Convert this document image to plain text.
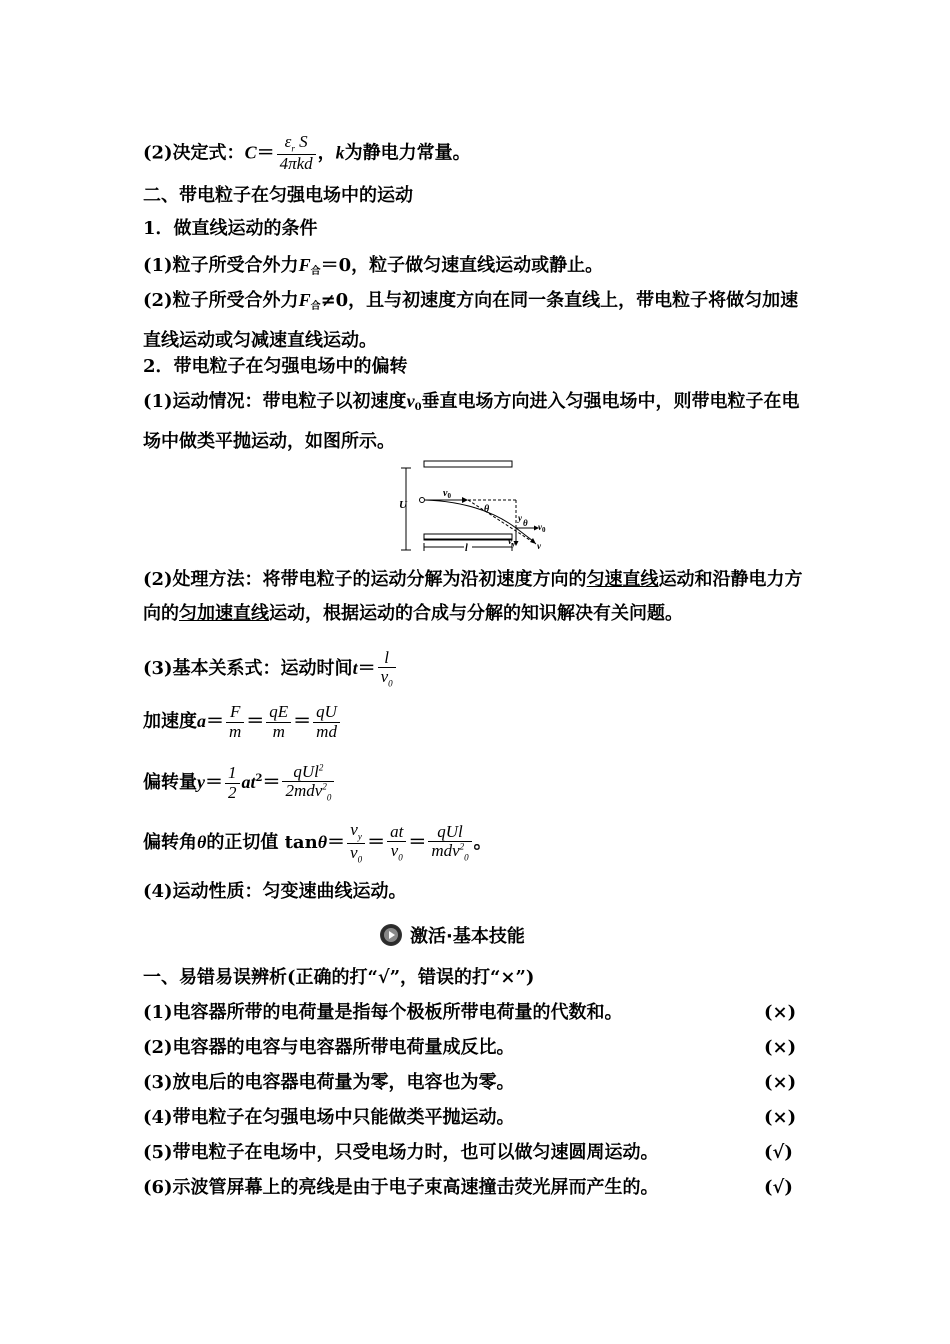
(2)决定式：$C= \frac{\varepsilon_r S}{\text{4πkd}}$ ，k为静电力常量。
二、带电粒子在匀强电场中的运动
1．做直线运动的条件
(1)粒子所受合外力$F_合=0$，粒子做匀速直线运动或静止。
(2)粒子所受合外力$F_合\ne 0$，且与初速度方向在同一条直线上，带电粒子将做匀加速直线运动或匀减速直线运动。
2．带电粒子在匀强电场中的偏转
(1)运动情况：带电粒子以初速度$v_0$垂直电场方向进入匀强电场中，则带电粒子在电场中做类平抛运动，如图所示。
U
$v_0$
θ
y
$v_0$
θ
$v_y$ v
l
(2)处理方法：将带电粒子的运动分解为沿初速度方向的匀速直线运动和沿静电力方向的匀加速直线运动，根据运动的合成与分解的知识解决有关问题。
(3)基本关系式：运动时间$t= \frac{l}{v_0}$
加速度$a= \frac{F}{m} = \frac{qE}{m} = \frac{qU}{md}$
偏转量$y= \frac{1}{2} at^2= \frac{qUl^2}{2mdv^2_0}$
偏转角θ的正切值 $\tan\theta= \frac{v_y}{v_0} = \frac{at}{v_0} = \frac{\text{qUl}}{mdv^2_0}$ 。
(4)运动性质：匀变速曲线运动。
激活·基本技能
一、易错易误辨析(正确的打“√”，错误的打“×”)
(1)电容器所带的电荷量是指每个极板所带电荷量的代数和。	(×)
(2)电容器的电容与电容器所带电荷量成反比。	(×)
(3)放电后的电容器电荷量为零，电容也为零。	(×)
(4)带电粒子在匀强电场中只能做类平抛运动。	(×)
(5)带电粒子在电场中，只受电场力时，也可以做匀速圆周运动。	(√)
(6)示波管屏幕上的亮线是由于电子束高速撞击荧光屏而产生的。	(√)
